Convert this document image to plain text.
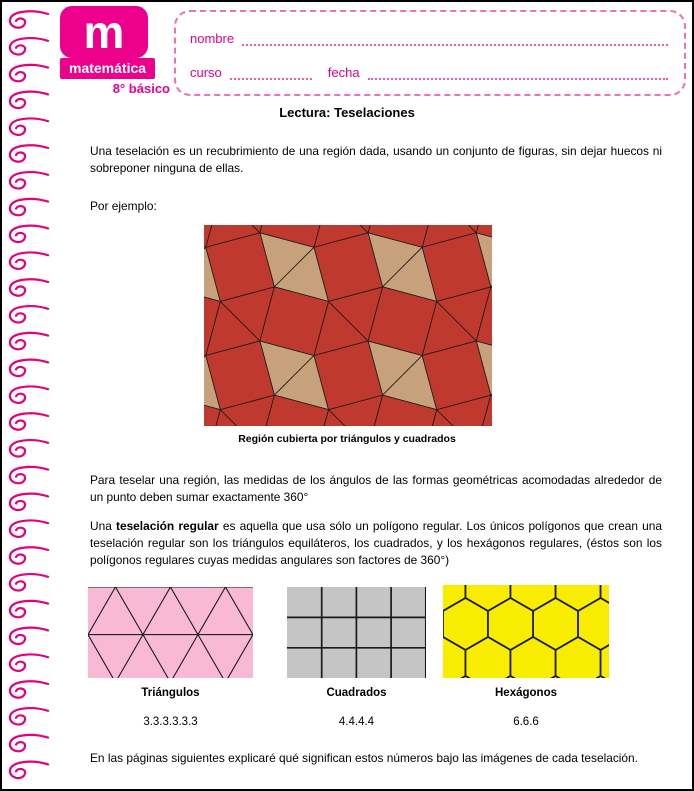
m
matemática
8° básico
nombre
curso	fecha
Lectura: Teselaciones

Una teselación es un recubrimiento de una región dada, usando un conjunto de figuras, sin dejar huecos ni sobreponer ninguna de ellas.

Por ejemplo:

Región cubierta por triángulos y cuadrados

Para teselar una región, las medidas de los ángulos de las formas geométricas acomodadas alrededor de un punto deben sumar exactamente 360°

Una teselación regular es aquella que usa sólo un polígono regular. Los únicos polígonos que crean una teselación regular son los triángulos equiláteros, los cuadrados, y los hexágonos regulares, (éstos son los polígonos regulares cuyas medidas angulares son factores de 360°)

Triángulos	Cuadrados	Hexágonos
3.3.3.3.3.3	4.4.4.4	6.6.6

En las páginas siguientes explicaré qué significan estos números bajo las imágenes de cada teselación.
